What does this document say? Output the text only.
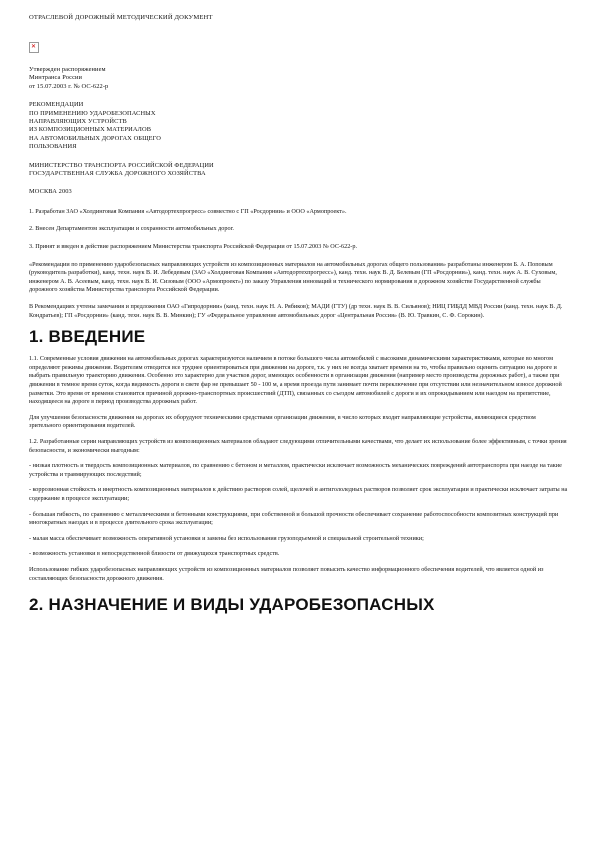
ОТРАСЛЕВОЙ ДОРОЖНЫЙ МЕТОДИЧЕСКИЙ ДОКУМЕНТ

✕

Утвержден распоряжением

Минтранса России

от 15.07.2003 г. № ОС-622-р

РЕКОМЕНДАЦИИ

ПО ПРИМЕНЕНИЮ УДАРОБЕЗОПАСНЫХ

НАПРАВЛЯЮЩИХ УСТРОЙСТВ

ИЗ КОМПОЗИЦИОННЫХ МАТЕРИАЛОВ

НА АВТОМОБИЛЬНЫХ ДОРОГАХ ОБЩЕГО

ПОЛЬЗОВАНИЯ

МИНИСТЕРСТВО ТРАНСПОРТА РОССИЙСКОЙ ФЕДЕРАЦИИ

ГОСУДАРСТВЕННАЯ СЛУЖБА ДОРОЖНОГО ХОЗЯЙСТВА

МОСКВА 2003

1. Разработан ЗАО «Холдинговая Компания «Автодортехпрогресс» совместно с ГП «Росдорнии» и ООО «Армопроект».

2. Внесен Департаментом эксплуатации и сохранности автомобильных дорог.

3. Принят и введен в действие распоряжением Министерства транспорта Российской Федерации от 15.07.2003 № ОС-622-р.

«Рекомендации по применению ударобезопасных направляющих устройств из композиционных материалов на автомобильных дорогах общего пользования» разработаны инженером Б. А. Поповым (руководитель разработки), канд. техн. наук В. И. Лебедевым (ЗАО «Холдинговая Компания «Автодортехпрогресс»), канд. техн. наук В. Д. Белевым (ГП «Росдорнии»), канд. техн. наук А. В. Суховым, инженером А. В. Асеевым, канд. техн. наук В. И. Сизовым (ООО «Армопроект») по заказу Управления инноваций и технического нормирования в дорожном хозяйстве Государственной службы дорожного хозяйства Министерства транспорта Российской Федерации.

В Рекомендациях учтены замечания и предложения ОАО «Гипродорнии» (канд. техн. наук Н. А. Рябиков); МАДИ (ГТУ) (др техн. наук В. В. Сильянов); НИЦ ГИБДД МВД России (канд. техн. наук В. Д. Кондратьев); ГП «Росдорнии» (канд. техн. наук В. В. Минкин); ГУ «Федеральное управление автомобильных дорог «Центральная Россия» (В. Ю. Травкин, С. Ф. Сорокин).

1. ВВЕДЕНИЕ

1.1. Современные условия движения на автомобильных дорогах характеризуются наличием в потоке большого числа автомобилей с высокими динамическими характеристиками, которые во многом определяют режимы движения. Водителям отводится все труднее ориентироваться при движении на дороге, т.к. у них не всегда хватает времени на то, чтобы правильно оценить ситуацию на дороге и выбрать правильную траекторию движения. Особенно это характерно для участков дорог, имеющих особенности в организации движения (например место производства дорожных работ), а также при движении в темное время суток, когда видимость дороги в свете фар не превышает 50 - 100 м, а время проезда пути занимает почти переключение при отсутствии или незначительном износе дорожной разметки. Это время от времени становится причиной дорожно-транспортных происшествий (ДТП), связанных со съездом автомобилей с дороги и их опрокидыванием или наездом на препятствие, находящееся на дороге в период производства дорожных работ.

Для улучшения безопасности движения на дорогах их оборудуют техническими средствами организации движения, в число которых входят направляющие устройства, являющиеся средством зрительного ориентирования водителей.

1.2. Разработанные серии направляющих устройств из композиционных материалов обладают следующими отличительными качествами, что делает их использование более эффективным, с точки зрения безопасности, и экономически выгодным:

- низкая плотность и твердость композиционных материалов, по сравнению с бетоном и металлом, практически исключает возможность механических повреждений автотранспорта при наезде на такие устройства и травмирующих последствий;

- коррозионная стойкость и инертность композиционных материалов к действию растворов солей, щелочей и антигололедных растворов позволяет срок эксплуатации и практически исключает затраты на содержание в процессе эксплуатации;

- большая гибкость, по сравнению с металлическими и бетонными конструкциями, при собственной и большой прочности обеспечивает сохранение работоспособности композитных конструкций при многократных наездах и в процессе длительного срока эксплуатации;

- малая масса обеспечивает возможность оперативной установки и замены без использования грузоподъемной и специальной строительной техники;

- возможность установки в непосредственной близости от движущихся транспортных средств.

Использование гибких ударобезопасных направляющих устройств из композиционных материалов позволяет повысить качество информационного обеспечения водителей, что является одной из составляющих безопасности дорожного движения.

2. НАЗНАЧЕНИЕ И ВИДЫ УДАРОБЕЗОПАСНЫХ
